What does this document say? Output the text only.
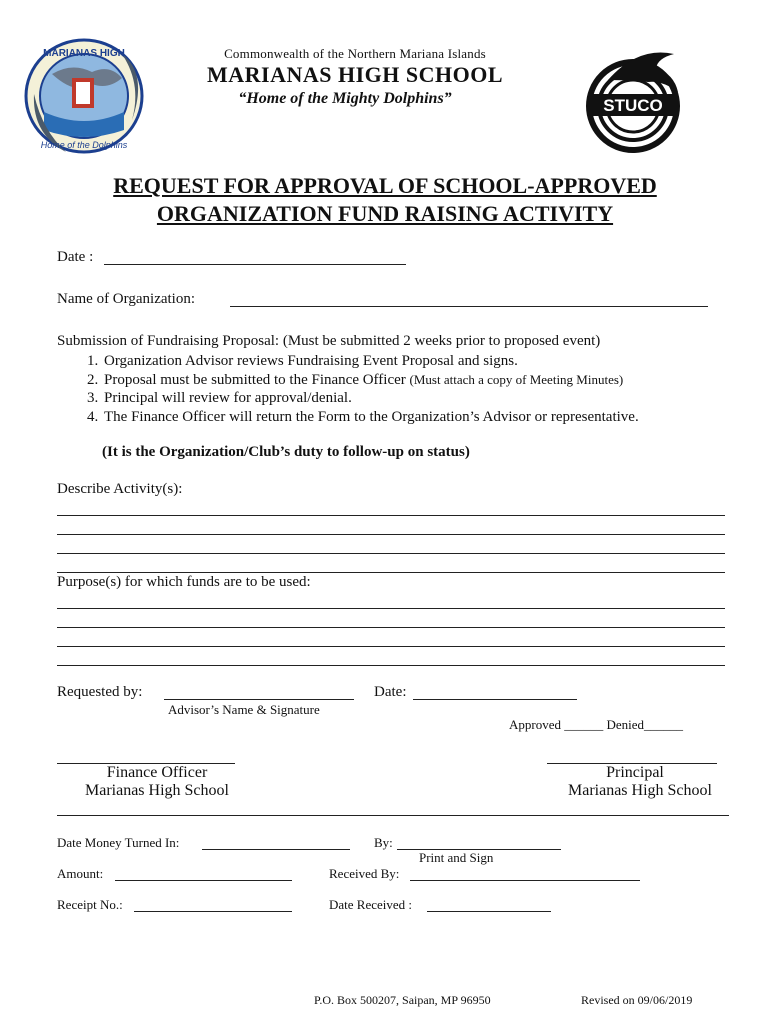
MARIANAS HIGH
Home of the Dolphins
Commonwealth of the Northern Mariana Islands
MARIANAS HIGH SCHOOL
“Home of the Mighty Dolphins”	STUCO
REQUEST FOR APPROVAL OF SCHOOL-APPROVED
ORGANIZATION FUND RAISING ACTIVITY
Date :
Name of Organization:
Submission of Fundraising Proposal: (Must be submitted 2 weeks prior to proposed event)
1. Organization Advisor reviews Fundraising Event Proposal and signs.
2. Proposal must be submitted to the Finance Officer (Must attach a copy of Meeting Minutes)
3. Principal will review for approval/denial.
4. The Finance Officer will return the Form to the Organization’s Advisor or representative.
(It is the Organization/Club’s duty to follow-up on status)
Describe Activity(s):
Purpose(s) for which funds are to be used:
Requested by:	Date:
Advisor’s Name & Signature
Approved ______ Denied______
Finance Officer
Marianas High School
Principal
Marianas High School
Date Money Turned In:	By:
Print and Sign
Amount:	Received By:
Receipt No.:	Date Received :
P.O. Box 500207, Saipan, MP 96950	Revised on 09/06/2019
